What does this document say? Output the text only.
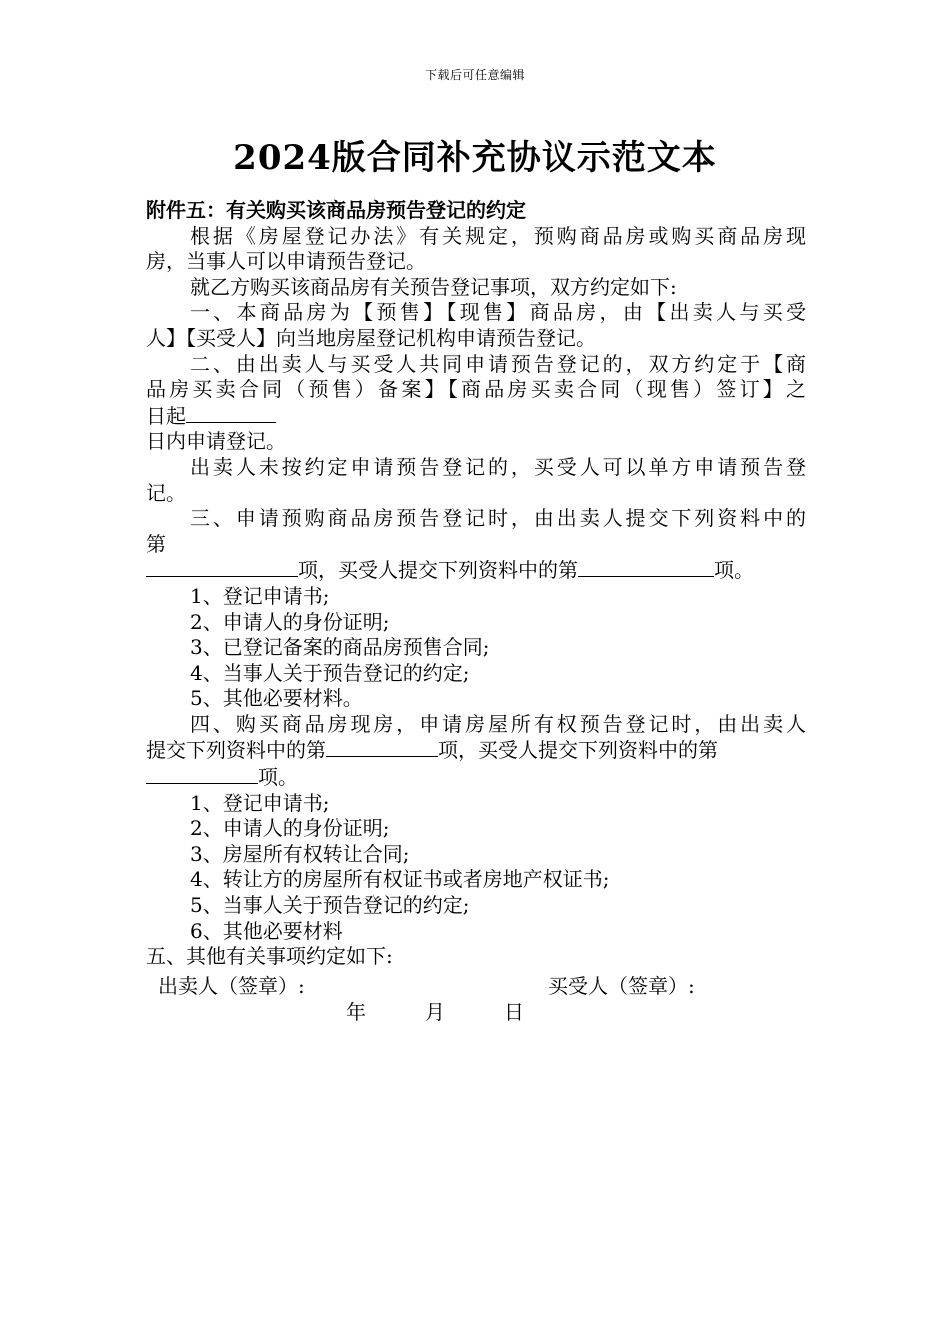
下载后可任意编辑
2024版合同补充协议示范文本
附件五：有关购买该商品房预告登记的约定
根据《房屋登记办法》有关规定，预购商品房或购买商品房现
房，当事人可以申请预告登记。
就乙方购买该商品房有关预告登记事项，双方约定如下:
一、本商品房为【预售】【现售】商品房，由【出卖人与买受
人】【买受人】向当地房屋登记机构申请预告登记。
二、由出卖人与买受人共同申请预告登记的，双方约定于【商
品房买卖合同（预售）备案】【商品房买卖合同（现售）签订】之
日起
日内申请登记。
出卖人未按约定申请预告登记的，买受人可以单方申请预告登
记。
三、申请预购商品房预告登记时，由出卖人提交下列资料中的
第
项，买受人提交下列资料中的第	项。
1、登记申请书;
2、申请人的身份证明;
3、已登记备案的商品房预售合同;
4、当事人关于预告登记的约定;
5、其他必要材料。
四、购买商品房现房，申请房屋所有权预告登记时，由出卖人
提交下列资料中的第	项，买受人提交下列资料中的第
项。
1、登记申请书;
2、申请人的身份证明;
3、房屋所有权转让合同;
4、转让方的房屋所有权证书或者房地产权证书;
5、当事人关于预告登记的约定;
6、其他必要材料
五、其他有关事项约定如下:
出卖人（签章）:	买受人（签章）:
年	月	日
